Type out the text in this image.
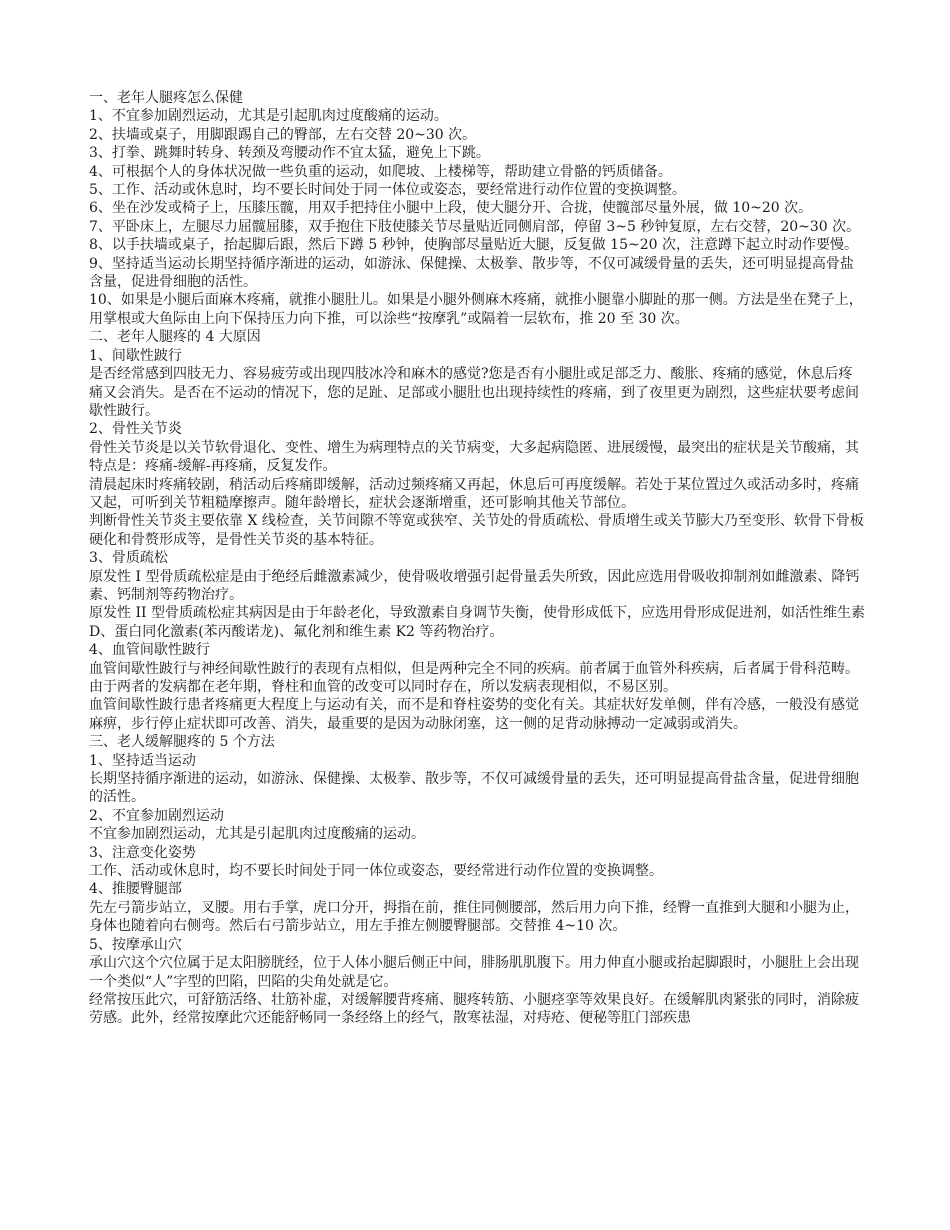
一、老年人腿疼怎么保健

1、不宜参加剧烈运动，尤其是引起肌肉过度酸痛的运动。

2、扶墙或桌子，用脚跟踢自己的臀部，左右交替 20~30 次。

3、打拳、跳舞时转身、转颈及弯腰动作不宜太猛，避免上下跳。

4、可根据个人的身体状况做一些负重的运动，如爬坡、上楼梯等，帮助建立骨骼的钙质储备。

5、工作、活动或休息时，均不要长时间处于同一体位或姿态，要经常进行动作位置的变换调整。

6、坐在沙发或椅子上，压膝压髋，用双手把持住小腿中上段，使大腿分开、合拢，使髋部尽量外展，做 10~20 次。

7、平卧床上，左腿尽力屈髋屈膝，双手抱住下肢使膝关节尽量贴近同侧肩部，停留 3~5 秒钟复原，左右交替，20~30 次。

8、以手扶墙或桌子，抬起脚后跟，然后下蹲 5 秒钟，使胸部尽量贴近大腿，反复做 15~20 次，注意蹲下起立时动作要慢。

9、坚持适当运动长期坚持循序渐进的运动，如游泳、保健操、太极拳、散步等，不仅可减缓骨量的丢失，还可明显提高骨盐含量，促进骨细胞的活性。

10、如果是小腿后面麻木疼痛，就推小腿肚儿。如果是小腿外侧麻木疼痛，就推小腿靠小脚趾的那一侧。方法是坐在凳子上，用掌根或大鱼际由上向下保持压力向下推，可以涂些“按摩乳”或隔着一层软布，推 20 至 30 次。

二、老年人腿疼的 4 大原因

1、间歇性跛行

是否经常感到四肢无力、容易疲劳或出现四肢冰冷和麻木的感觉?您是否有小腿肚或足部乏力、酸胀、疼痛的感觉，休息后疼痛又会消失。是否在不运动的情况下，您的足趾、足部或小腿肚也出现持续性的疼痛，到了夜里更为剧烈，这些症状要考虑间歇性跛行。

2、骨性关节炎

骨性关节炎是以关节软骨退化、变性、增生为病理特点的关节病变，大多起病隐匿、进展缓慢，最突出的症状是关节酸痛，其特点是：疼痛-缓解-再疼痛，反复发作。

清晨起床时疼痛较剧，稍活动后疼痛即缓解，活动过频疼痛又再起，休息后可再度缓解。若处于某位置过久或活动多时，疼痛又起，可听到关节粗糙摩擦声。随年龄增长，症状会逐渐增重，还可影响其他关节部位。

判断骨性关节炎主要依靠 X 线检查，关节间隙不等宽或狭窄、关节处的骨质疏松、骨质增生或关节膨大乃至变形、软骨下骨板硬化和骨赘形成等，是骨性关节炎的基本特征。

3、骨质疏松

原发性 I 型骨质疏松症是由于绝经后雌激素减少，使骨吸收增强引起骨量丢失所致，因此应选用骨吸收抑制剂如雌激素、降钙素、钙制剂等药物治疗。

原发性 II 型骨质疏松症其病因是由于年龄老化，导致激素自身调节失衡，使骨形成低下，应选用骨形成促进剂，如活性维生素 D、蛋白同化激素(苯丙酸诺龙)、氟化剂和维生素 K2 等药物治疗。

4、血管间歇性跛行

血管间歇性跛行与神经间歇性跛行的表现有点相似，但是两种完全不同的疾病。前者属于血管外科疾病，后者属于骨科范畴。由于两者的发病都在老年期，脊柱和血管的改变可以同时存在，所以发病表现相似，不易区别。

血管间歇性跛行患者疼痛更大程度上与运动有关，而不是和脊柱姿势的变化有关。其症状好发单侧，伴有冷感，一般没有感觉麻痹，步行停止症状即可改善、消失，最重要的是因为动脉闭塞，这一侧的足背动脉搏动一定减弱或消失。

三、老人缓解腿疼的 5 个方法

1、坚持适当运动

长期坚持循序渐进的运动，如游泳、保健操、太极拳、散步等，不仅可减缓骨量的丢失，还可明显提高骨盐含量，促进骨细胞的活性。

2、不宜参加剧烈运动

不宜参加剧烈运动，尤其是引起肌肉过度酸痛的运动。

3、注意变化姿势

工作、活动或休息时，均不要长时间处于同一体位或姿态，要经常进行动作位置的变换调整。

4、推腰臀腿部

先左弓箭步站立，叉腰。用右手掌，虎口分开，拇指在前，推住同侧腰部，然后用力向下推，经臀一直推到大腿和小腿为止，身体也随着向右侧弯。然后右弓箭步站立，用左手推左侧腰臀腿部。交替推 4~10 次。

5、按摩承山穴

承山穴这个穴位属于足太阳膀胱经，位于人体小腿后侧正中间，腓肠肌肌腹下。用力伸直小腿或抬起脚跟时，小腿肚上会出现一个类似“人”字型的凹陷，凹陷的尖角处就是它。

经常按压此穴，可舒筋活络、壮筋补虚，对缓解腰背疼痛、腿疼转筋、小腿痉挛等效果良好。在缓解肌肉紧张的同时，消除疲劳感。此外，经常按摩此穴还能舒畅同一条经络上的经气，散寒祛湿，对痔疮、便秘等肛门部疾患
